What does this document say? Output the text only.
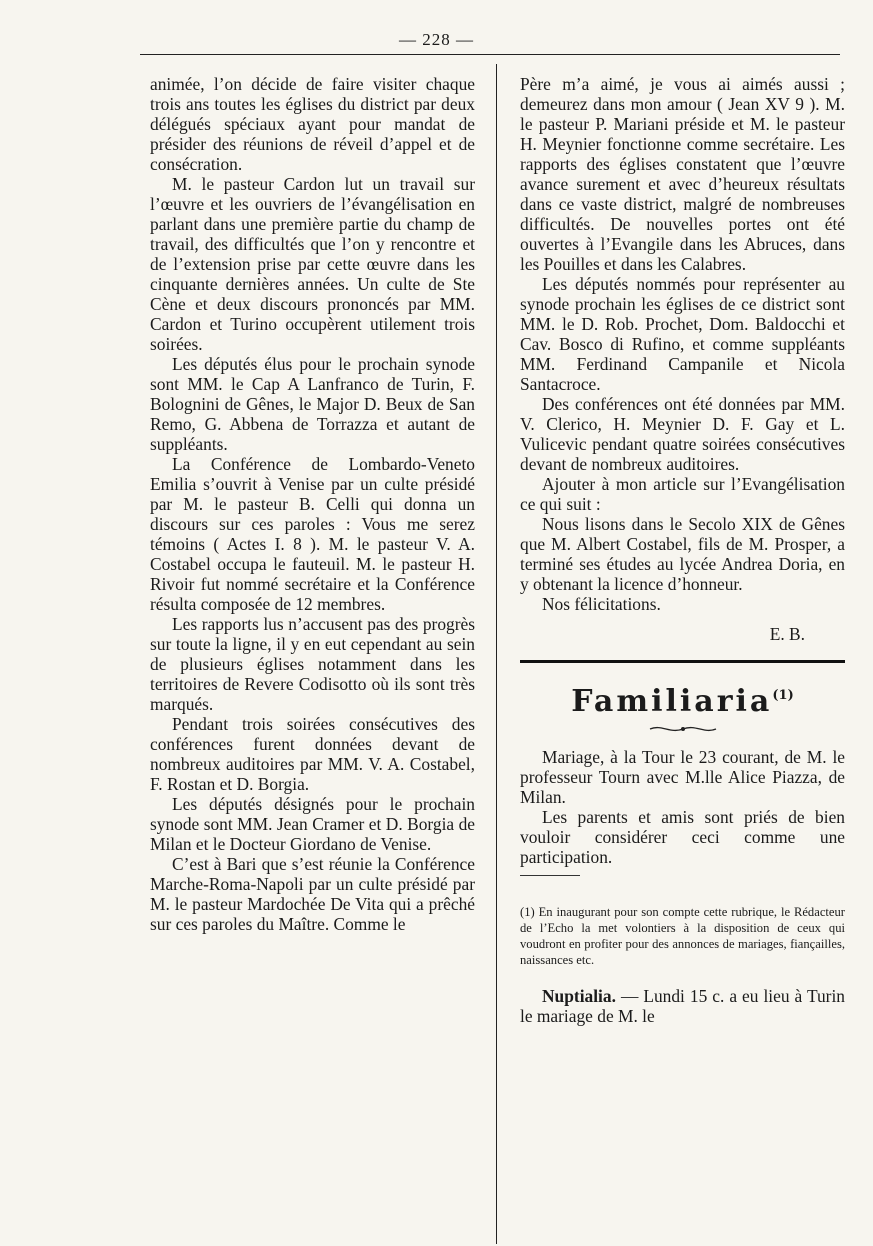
— 228 —

animée, l’on décide de faire visiter chaque trois ans toutes les églises du district par deux délégués spéciaux ayant pour mandat de présider des réunions de réveil d’appel et de consécration.

M. le pasteur Cardon lut un travail sur l’œuvre et les ouvriers de l’évangélisation en parlant dans une première partie du champ de travail, des difficultés que l’on y rencontre et de l’extension prise par cette œuvre dans les cinquante dernières années. Un culte de Ste Cène et deux discours prononcés par MM. Cardon et Turino occupèrent utilement trois soirées.

Les députés élus pour le prochain synode sont MM. le Cap A Lanfranco de Turin, F. Bolognini de Gênes, le Major D. Beux de San Remo, G. Abbena de Torrazza et autant de suppléants.

La Conférence de Lombardo-Veneto Emilia s’ouvrit à Venise par un culte présidé par M. le pasteur B. Celli qui donna un discours sur ces paroles : Vous me serez témoins ( Actes I. 8 ). M. le pasteur V. A. Costabel occupa le fauteuil. M. le pasteur H. Rivoir fut nommé secrétaire et la Conférence résulta composée de 12 membres.

Les rapports lus n’accusent pas des progrès sur toute la ligne, il y en eut cependant au sein de plusieurs églises notamment dans les territoires de Revere Codisotto où ils sont très marqués.

Pendant trois soirées consécutives des conférences furent données devant de nombreux auditoires par MM. V. A. Costabel, F. Rostan et D. Borgia.

Les députés désignés pour le prochain synode sont MM. Jean Cramer et D. Borgia de Milan et le Docteur Giordano de Venise.

C’est à Bari que s’est réunie la Conférence Marche-Roma-Napoli par un culte présidé par M. le pasteur Mardochée De Vita qui a prêché sur ces paroles du Maître. Comme le

Père m’a aimé, je vous ai aimés aussi ; demeurez dans mon amour ( Jean XV 9 ). M. le pasteur P. Mariani préside et M. le pasteur H. Meynier fonctionne comme secrétaire. Les rapports des églises constatent que l’œuvre avance surement et avec d’heureux résultats dans ce vaste district, malgré de nombreuses difficultés. De nouvelles portes ont été ouvertes à l’Evangile dans les Abruces, dans les Pouilles et dans les Calabres.

Les députés nommés pour représenter au synode prochain les églises de ce district sont MM. le D. Rob. Prochet, Dom. Baldocchi et Cav. Bosco di Rufino, et comme suppléants MM. Ferdinand Campanile et Nicola Santacroce.

Des conférences ont été données par MM. V. Clerico, H. Meynier D. F. Gay et L. Vulicevic pendant quatre soirées consécutives devant de nombreux auditoires.

Ajouter à mon article sur l’Evangélisation ce qui suit :

Nous lisons dans le Secolo XIX de Gênes que M. Albert Costabel, fils de M. Prosper, a terminé ses études au lycée Andrea Doria, en y obtenant la licence d’honneur.

Nos félicitations.

E. B.
Familiaria$^{(1)}$

Mariage, à la Tour le 23 courant, de M. le professeur Tourn avec M.lle Alice Piazza, de Milan.

Les parents et amis sont priés de bien vouloir considérer ceci comme une participation.

(1) En inaugurant pour son compte cette rubrique, le Rédacteur de l’Echo la met volontiers à la disposition de ceux qui voudront en profiter pour des annonces de mariages, fiançailles, naissances etc.

Nuptialia. — Lundi 15 c. a eu lieu à Turin le mariage de M. le
